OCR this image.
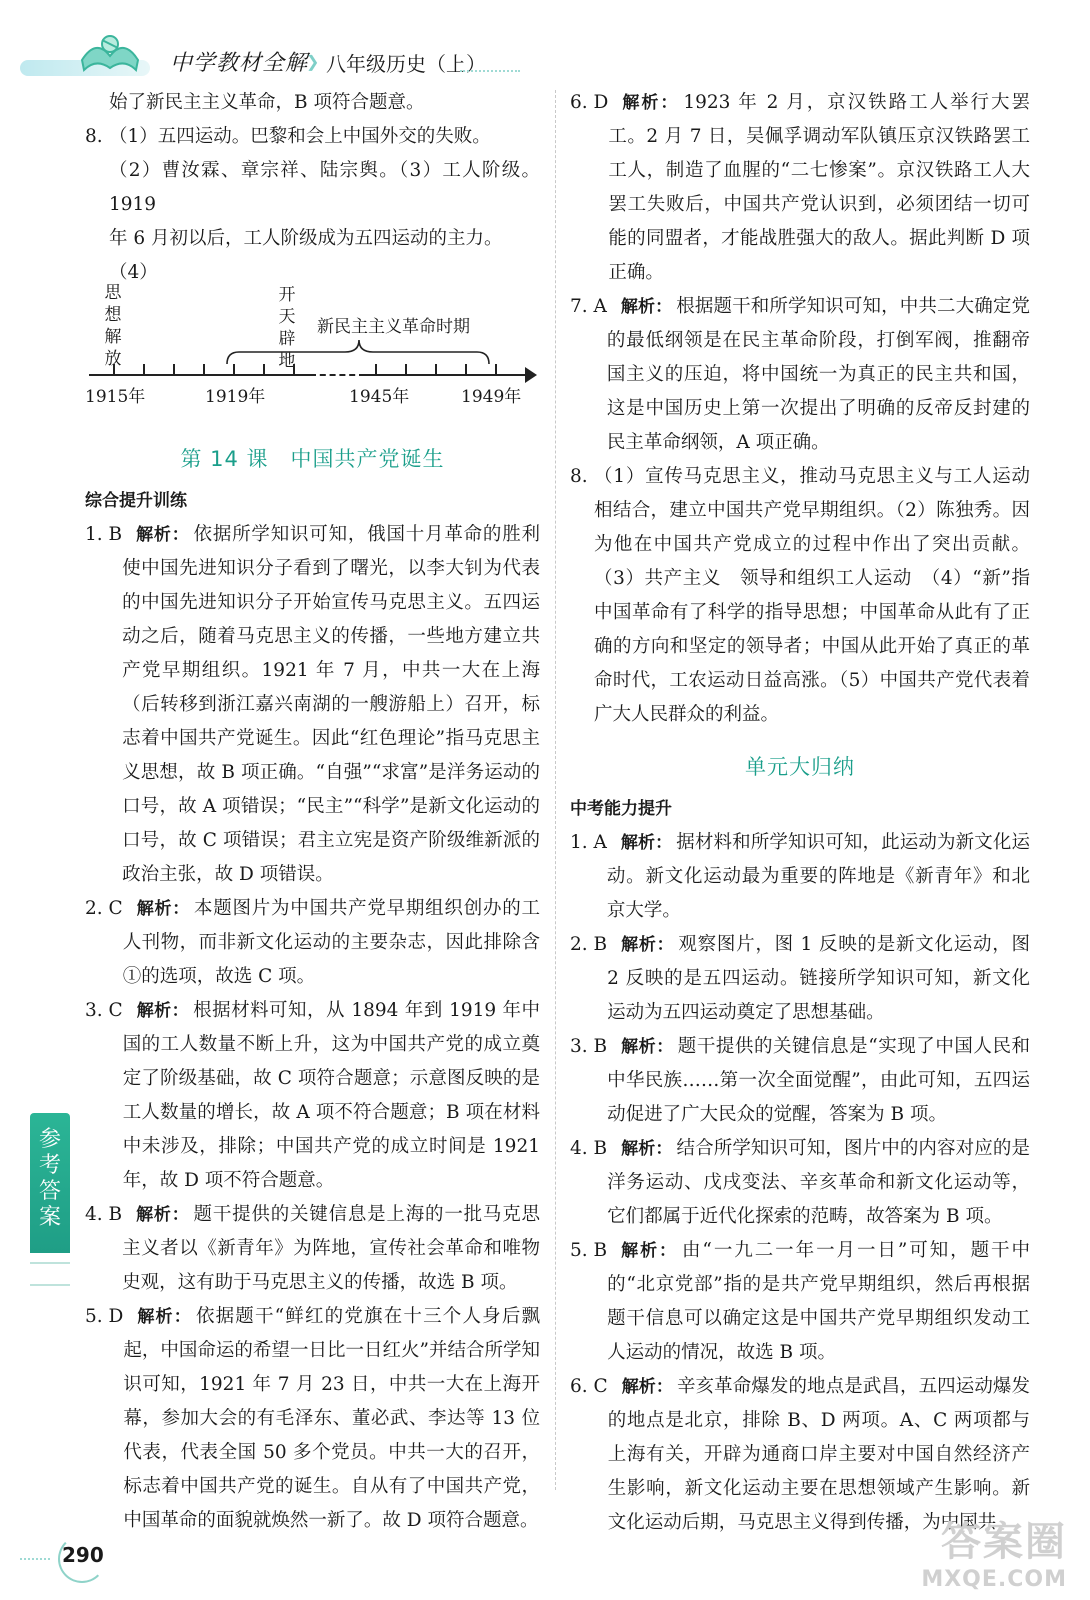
中学教材全解
❯ 八年级历史（上）

始了新民主主义革命，B 项符合题意。

8. （1）五四运动。巴黎和会上中国外交的失败。
（2）曹汝霖、章宗祥、陆宗舆。（3）工人阶级。1919
年 6 月初以后，工人阶级成为五四运动的主力。
（4）
思想解放
开天辟地
新民主主义革命时期
1915年	1919年	1945年	1949年
第 14 课　中国共产党诞生
综合提升训练
1. B 解析： 依据所学知识可知，俄国十月革命的胜利使中国先进知识分子看到了曙光，以李大钊为代表的中国先进知识分子开始宣传马克思主义。五四运动之后，随着马克思主义的传播，一些地方建立共产党早期组织。1921 年 7 月，中共一大在上海（后转移到浙江嘉兴南湖的一艘游船上）召开，标志着中国共产党诞生。因此“红色理论”指马克思主义思想，故 B 项正确。“自强”“求富”是洋务运动的口号，故 A 项错误；“民主”“科学”是新文化运动的口号，故 C 项错误；君主立宪是资产阶级维新派的政治主张，故 D 项错误。
2. C 解析： 本题图片为中国共产党早期组织创办的工人刊物，而非新文化运动的主要杂志，因此排除含①的选项，故选 C 项。
3. C 解析： 根据材料可知，从 1894 年到 1919 年中国的工人数量不断上升，这为中国共产党的成立奠定了阶级基础，故 C 项符合题意；示意图反映的是工人数量的增长，故 A 项不符合题意；B 项在材料中未涉及，排除；中国共产党的成立时间是 1921 年，故 D 项不符合题意。
4. B 解析： 题干提供的关键信息是上海的一批马克思主义者以《新青年》为阵地，宣传社会革命和唯物史观，这有助于马克思主义的传播，故选 B 项。
5. D 解析： 依据题干“鲜红的党旗在十三个人身后飘起，中国命运的希望一日比一日红火”并结合所学知识可知，1921 年 7 月 23 日，中共一大在上海开幕，参加大会的有毛泽东、董必武、李达等 13 位代表，代表全国 50 多个党员。中共一大的召开，标志着中国共产党的诞生。自从有了中国共产党，中国革命的面貌就焕然一新了。故 D 项符合题意。
6. D 解析： 1923 年 2 月，京汉铁路工人举行大罢工。2 月 7 日，吴佩孚调动军队镇压京汉铁路罢工工人，制造了血腥的“二七惨案”。京汉铁路工人大罢工失败后，中国共产党认识到，必须团结一切可能的同盟者，才能战胜强大的敌人。据此判断 D 项正确。
7. A 解析： 根据题干和所学知识可知，中共二大确定党的最低纲领是在民主革命阶段，打倒军阀，推翻帝国主义的压迫，将中国统一为真正的民主共和国，这是中国历史上第一次提出了明确的反帝反封建的民主革命纲领，A 项正确。
8. （1）宣传马克思主义，推动马克思主义与工人运动相结合，建立中国共产党早期组织。（2）陈独秀。因为他在中国共产党成立的过程中作出了突出贡献。（3）共产主义　领导和组织工人运动　（4）“新”指中国革命有了科学的指导思想；中国革命从此有了正确的方向和坚定的领导者；中国从此开始了真正的革命时代，工农运动日益高涨。（5）中国共产党代表着广大人民群众的利益。
单元大归纳
中考能力提升
1. A 解析： 据材料和所学知识可知，此运动为新文化运动。新文化运动最为重要的阵地是《新青年》和北京大学。
2. B 解析： 观察图片，图 1 反映的是新文化运动，图 2 反映的是五四运动。链接所学知识可知，新文化运动为五四运动奠定了思想基础。
3. B 解析： 题干提供的关键信息是“实现了中国人民和中华民族……第一次全面觉醒”，由此可知，五四运动促进了广大民众的觉醒，答案为 B 项。
4. B 解析： 结合所学知识可知，图片中的内容对应的是洋务运动、戊戌变法、辛亥革命和新文化运动等，它们都属于近代化探索的范畴，故答案为 B 项。
5. B 解析： 由“一九二一年一月一日”可知，题干中的“北京党部”指的是共产党早期组织，然后再根据题干信息可以确定这是中国共产党早期组织发动工人运动的情况，故选 B 项。
6. C 解析： 辛亥革命爆发的地点是武昌，五四运动爆发的地点是北京，排除 B、D 两项。A、C 两项都与上海有关，开辟为通商口岸主要对中国自然经济产生影响，新文化运动主要在思想领域产生影响。新文化运动后期，马克思主义得到传播，为中国共
参考答案
290	答案圈
MXQE.COM
